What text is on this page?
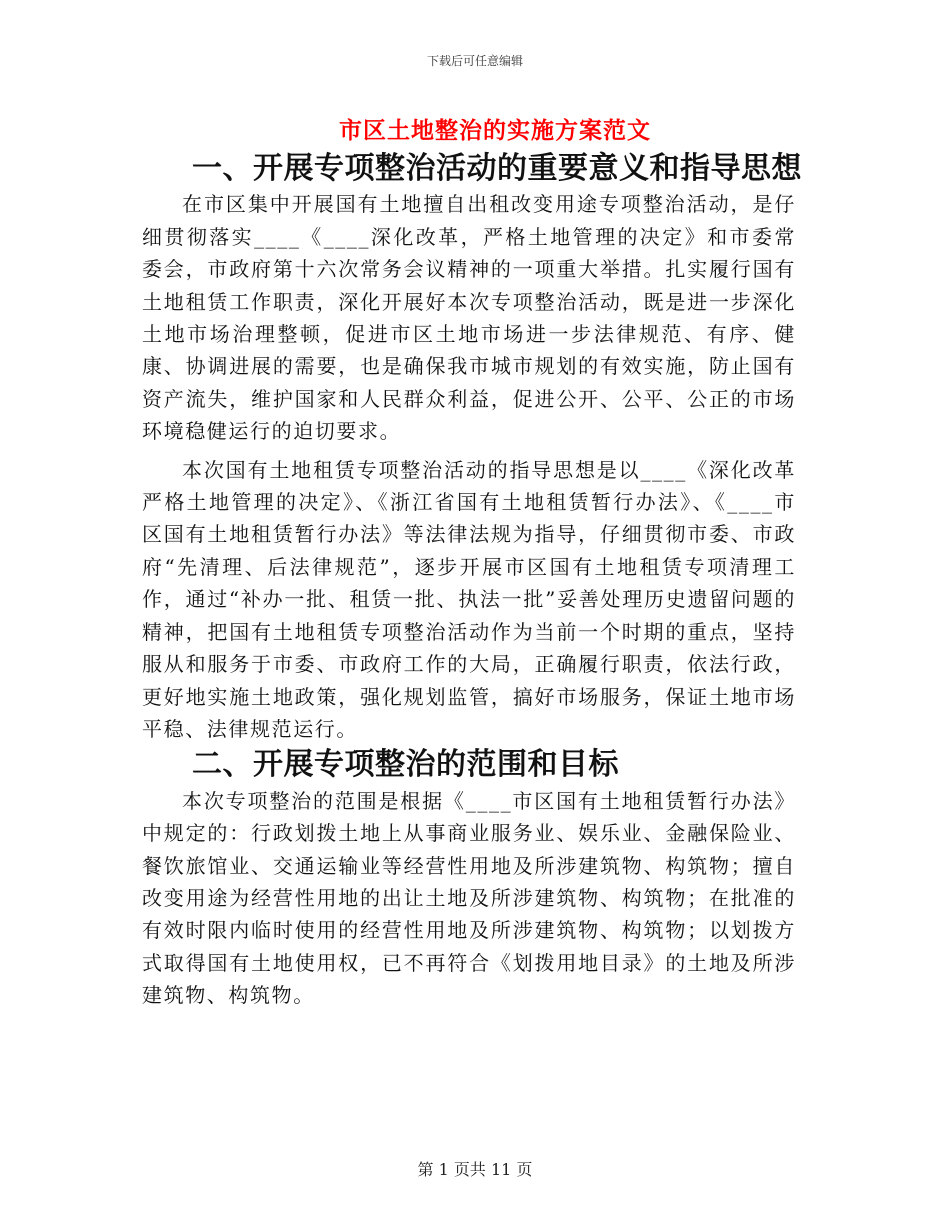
下载后可任意编辑
市区土地整治的实施方案范文
一、开展专项整治活动的重要意义和指导思想

在市区集中开展国有土地擅自出租改变用途专项整治活动，是仔细贯彻落实____《____深化改革，严格土地管理的决定》和市委常委会，市政府第十六次常务会议精神的一项重大举措。扎实履行国有土地租赁工作职责，深化开展好本次专项整治活动，既是进一步深化土地市场治理整顿，促进市区土地市场进一步法律规范、有序、健康、协调进展的需要，也是确保我市城市规划的有效实施，防止国有资产流失，维护国家和人民群众利益，促进公开、公平、公正的市场环境稳健运行的迫切要求。

本次国有土地租赁专项整治活动的指导思想是以____《深化改革严格土地管理的决定》、《浙江省国有土地租赁暂行办法》、《____市区国有土地租赁暂行办法》等法律法规为指导，仔细贯彻市委、市政府“先清理、后法律规范”，逐步开展市区国有土地租赁专项清理工作，通过“补办一批、租赁一批、执法一批”妥善处理历史遗留问题的精神，把国有土地租赁专项整治活动作为当前一个时期的重点，坚持服从和服务于市委、市政府工作的大局，正确履行职责，依法行政，更好地实施土地政策，强化规划监管，搞好市场服务，保证土地市场平稳、法律规范运行。

二、开展专项整治的范围和目标

本次专项整治的范围是根据《____市区国有土地租赁暂行办法》中规定的：行政划拨土地上从事商业服务业、娱乐业、金融保险业、餐饮旅馆业、交通运输业等经营性用地及所涉建筑物、构筑物；擅自改变用途为经营性用地的出让土地及所涉建筑物、构筑物；在批准的有效时限内临时使用的经营性用地及所涉建筑物、构筑物；以划拨方式取得国有土地使用权，已不再符合《划拨用地目录》的土地及所涉建筑物、构筑物。

第 1 页共 11 页
